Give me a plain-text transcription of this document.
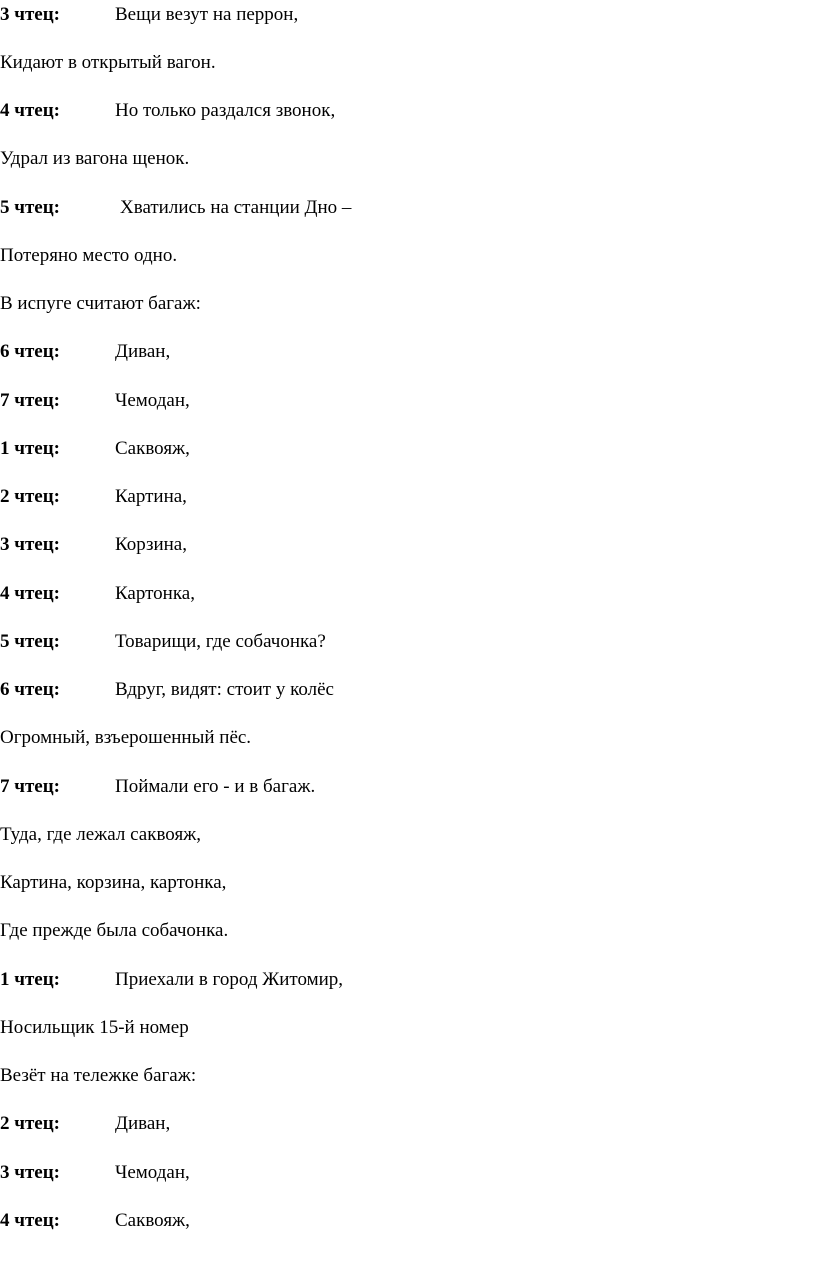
3 чтец:	Вещи везут на перрон,
Кидают в открытый вагон.
4 чтец:	Но только раздался звонок,
Удрал из вагона щенок.
5 чтец:	Хватились на станции Дно –
Потеряно место одно.
В испуге считают багаж:
6 чтец:	Диван,
7 чтец:	Чемодан,
1 чтец:	Саквояж,
2 чтец:	Картина,
3 чтец:	Корзина,
4 чтец:	Картонка,
5 чтец:	Товарищи, где собачонка?
6 чтец:	Вдруг, видят: стоит у колёс
Огромный, взъерошенный пёс.
7 чтец:	Поймали его - и в багаж.
Туда, где лежал саквояж,
Картина, корзина, картонка,
Где прежде была собачонка.
1 чтец:	Приехали в город Житомир,
Носильщик 15-й номер
Везёт на тележке багаж:
2 чтец:	Диван,
3 чтец:	Чемодан,
4 чтец:	Саквояж,
